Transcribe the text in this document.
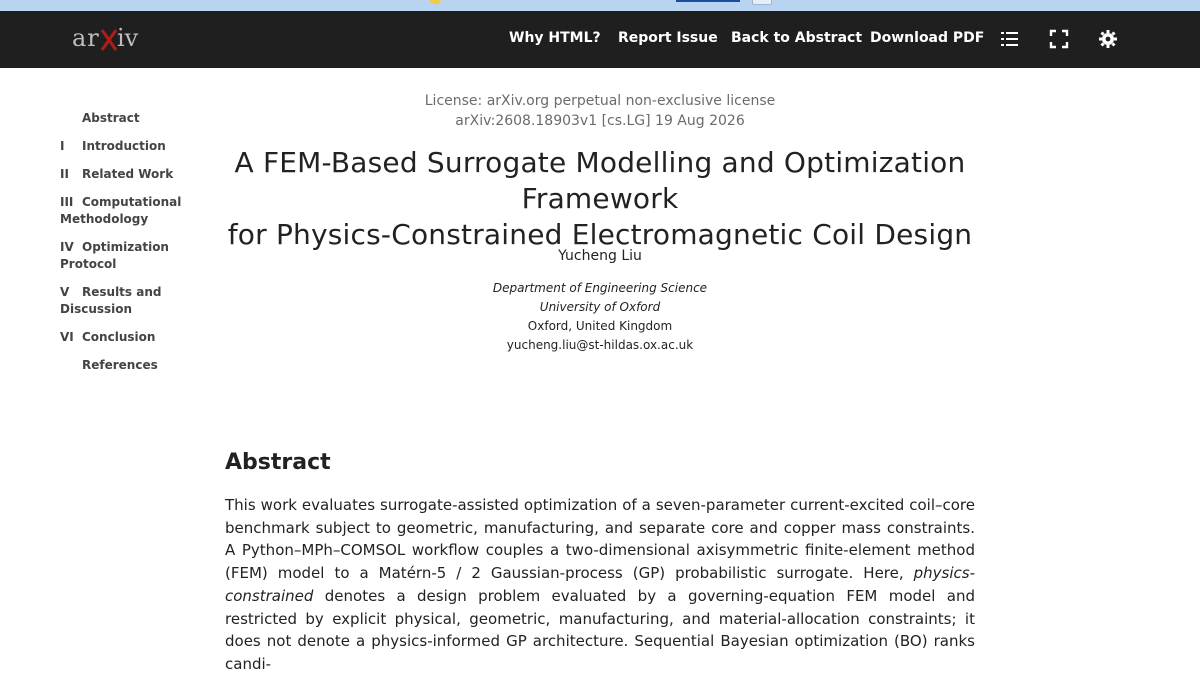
ar iv	Why HTML? Report Issue Back to Abstract Download PDF
Abstract
I Introduction
II Related Work
III Computational Methodology
IV Optimization Protocol
V Results and Discussion
VI Conclusion
References
License: arXiv.org perpetual non-exclusive license
arXiv:2608.18903v1 [cs.LG] 19 Aug 2026
A FEM-Based Surrogate Modelling and Optimization Framework
for Physics-Constrained Electromagnetic Coil Design
Yucheng Liu
Department of Engineering Science
University of Oxford
Oxford, United Kingdom
yucheng.liu@st-hildas.ox.ac.uk
Abstract

This work evaluates surrogate-assisted optimization of a seven-parameter current-excited coil–core benchmark subject to geometric, manufacturing, and separate core and copper mass constraints. A Python–MPh–COMSOL workflow couples a two-dimensional axisymmetric finite-element method (FEM) model to a Matérn-5 / 2 Gaussian-process (GP) probabilistic surrogate. Here, physics-constrained denotes a design problem evaluated by a governing-equation FEM model and restricted by explicit physical, geometric, manufacturing, and material-allocation constraints; it does not denote a physics-informed GP architecture. Sequential Bayesian optimization (BO) ranks candi-
